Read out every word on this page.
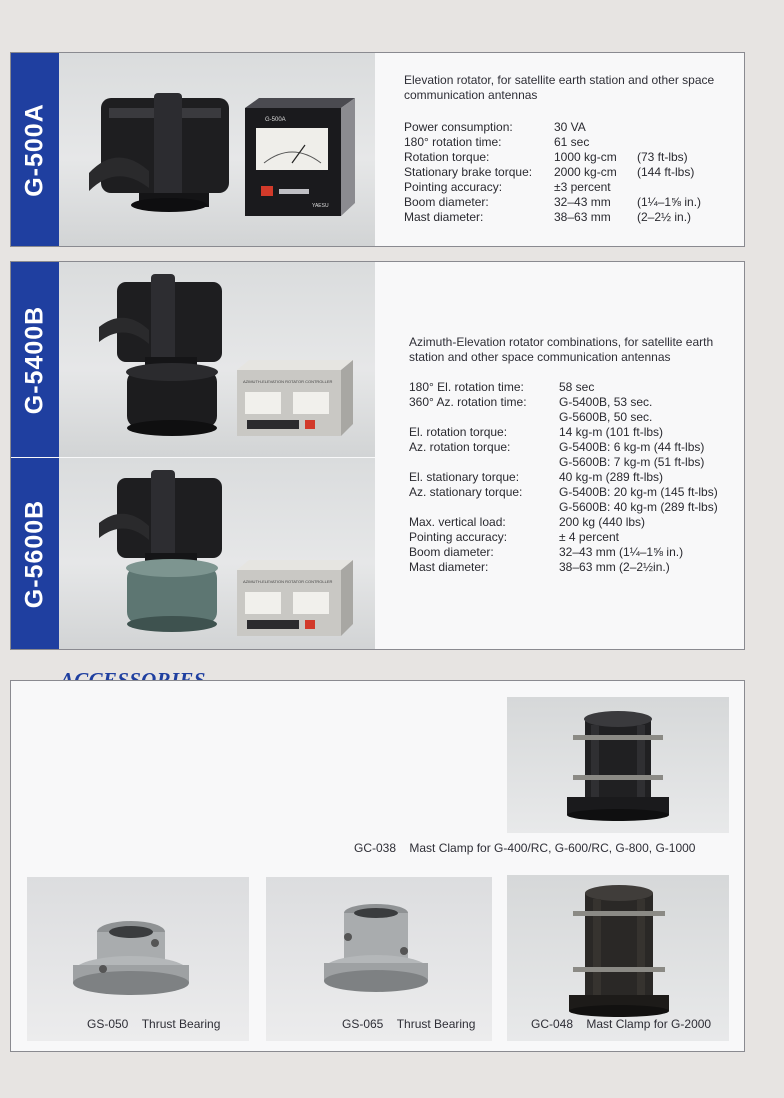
G-500A	G-500A
YAESU
Elevation rotator, for satellite earth station and other space communication antennas
Power consumption:	30 VA
180° rotation time:	61 sec
Rotation torque:	1000 kg-cm (73 ft-lbs)
Stationary brake torque: 2000 kg-cm (144 ft-lbs)
Pointing accuracy:	±3 percent
Boom diameter:	32–43 mm (1¼–1⅝ in.)
Mast diameter:	38–63 mm (2–2½ in.)
G-5400B
G-5600B
AZIMUTH-ELEVATION ROTATOR CONTROLLER
AZIMUTH-ELEVATION ROTATOR CONTROLLER
Azimuth-Elevation rotator combinations, for satellite earth station and other space communication antennas
180° El. rotation time:	58 sec
360° Az. rotation time:	G-5400B, 53 sec.
G-5600B, 50 sec.
El. rotation torque:	14 kg-m (101 ft-lbs)
Az. rotation torque:	G-5400B: 6 kg-m (44 ft-lbs)
G-5600B: 7 kg-m (51 ft-lbs)
El. stationary torque:	40 kg-m (289 ft-lbs)
Az. stationary torque:	G-5400B: 20 kg-m (145 ft-lbs)
G-5600B: 40 kg-m (289 ft-lbs)
Max. vertical load:	200 kg (440 lbs)
Pointing accuracy:	± 4 percent
Boom diameter:	32–43 mm (1¼–1⅝ in.)
Mast diameter:	38–63 mm (2–2½in.)
GC-038 Mast Clamp for G-400/RC, G-600/RC, G-800, G-1000
GS-050 Thrust Bearing	GS-065 Thrust Bearing	GC-048 Mast Clamp for G-2000
